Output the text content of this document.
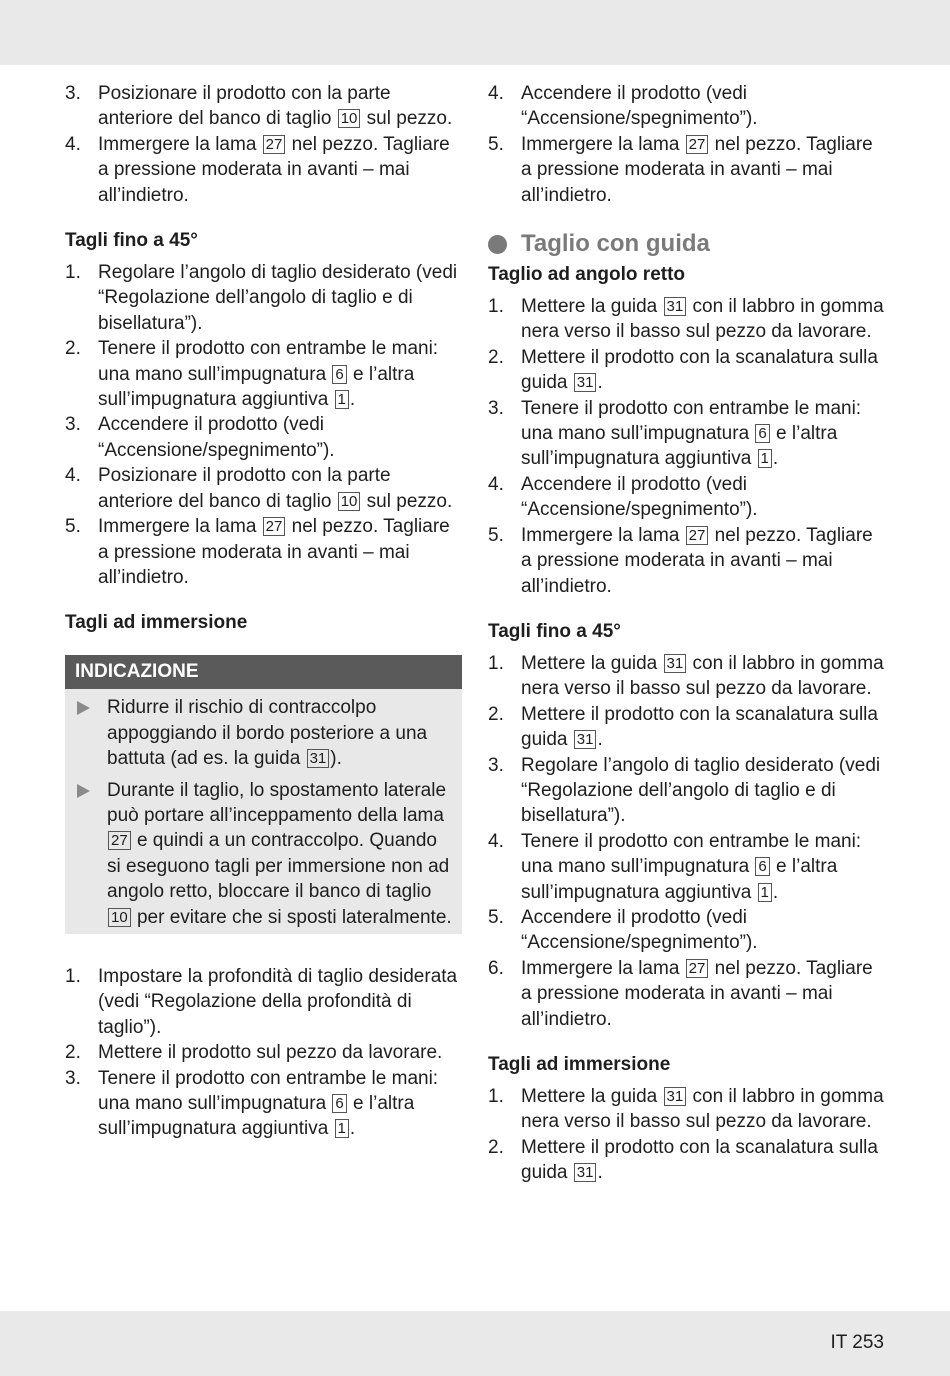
3. Posizionare il prodotto con la parte anteriore del banco di taglio 10 sul pezzo.
4. Immergere la lama 27 nel pezzo. Tagliare a pressione moderata in avanti – mai all’indietro.
Tagli fino a 45°
1. Regolare l’angolo di taglio desiderato (vedi “Regolazione dell’angolo di taglio e di bisellatura”).
2. Tenere il prodotto con entrambe le mani: una mano sull’impugnatura 6 e l’altra sull’impugnatura aggiuntiva 1 .
3. Accendere il prodotto (vedi “Accensione/spegnimento”).
4. Posizionare il prodotto con la parte anteriore del banco di taglio 10 sul pezzo.
5. Immergere la lama 27 nel pezzo. Tagliare a pressione moderata in avanti – mai all’indietro.
Tagli ad immersione
INDICAZIONE
Ridurre il rischio di contraccolpo appoggiando il bordo posteriore a una battuta (ad es. la guida 31 ).
Durante il taglio, lo spostamento laterale può portare all’inceppamento della lama 27 e quindi a un contraccolpo. Quando si eseguono tagli per immersione non ad angolo retto, bloccare il banco di taglio 10 per evitare che si sposti lateralmente.
1. Impostare la profondità di taglio desiderata (vedi “Regolazione della profondità di taglio”).
2. Mettere il prodotto sul pezzo da lavorare.
3. Tenere il prodotto con entrambe le mani: una mano sull’impugnatura 6 e l’altra sull’impugnatura aggiuntiva 1 .
4. Accendere il prodotto (vedi “Accensione/spegnimento”).
5. Immergere la lama 27 nel pezzo. Tagliare a pressione moderata in avanti – mai all’indietro.
Taglio con guida
Taglio ad angolo retto
1. Mettere la guida 31 con il labbro in gomma nera verso il basso sul pezzo da lavorare.
2. Mettere il prodotto con la scanalatura sulla guida 31 .
3. Tenere il prodotto con entrambe le mani: una mano sull’impugnatura 6 e l’altra sull’impugnatura aggiuntiva 1 .
4. Accendere il prodotto (vedi “Accensione/spegnimento”).
5. Immergere la lama 27 nel pezzo. Tagliare a pressione moderata in avanti – mai all’indietro.
Tagli fino a 45°
1. Mettere la guida 31 con il labbro in gomma nera verso il basso sul pezzo da lavorare.
2. Mettere il prodotto con la scanalatura sulla guida 31 .
3. Regolare l’angolo di taglio desiderato (vedi “Regolazione dell’angolo di taglio e di bisellatura”).
4. Tenere il prodotto con entrambe le mani: una mano sull’impugnatura 6 e l’altra sull’impugnatura aggiuntiva 1 .
5. Accendere il prodotto (vedi “Accensione/spegnimento”).
6. Immergere la lama 27 nel pezzo. Tagliare a pressione moderata in avanti – mai all’indietro.
Tagli ad immersione
1. Mettere la guida 31 con il labbro in gomma nera verso il basso sul pezzo da lavorare.
2. Mettere il prodotto con la scanalatura sulla guida 31 .
IT 253
